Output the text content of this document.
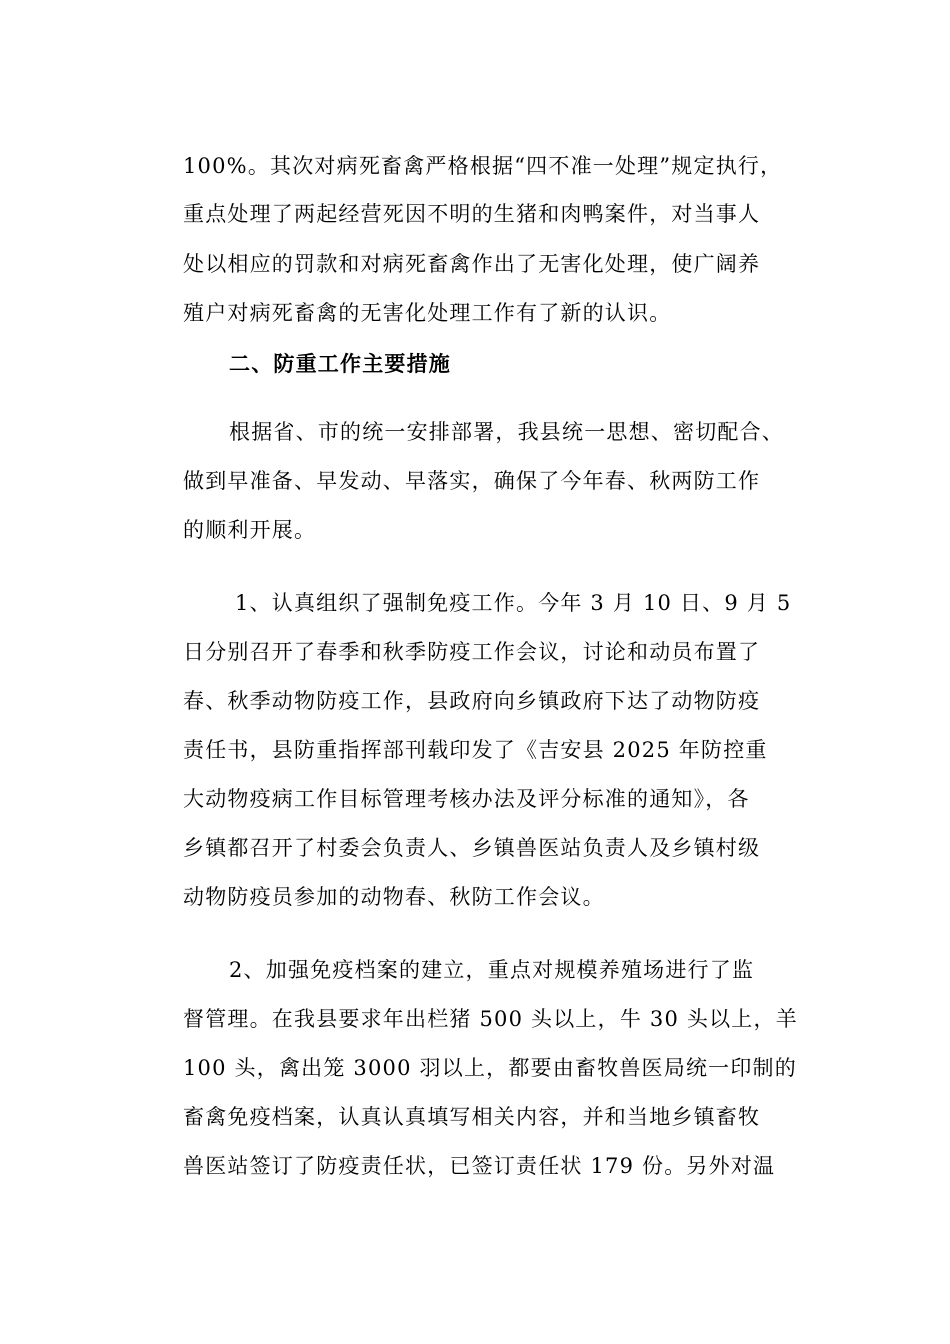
100%。其次对病死畜禽严格根据“四不准一处理”规定执行，
重点处理了两起经营死因不明的生猪和肉鸭案件，对当事人
处以相应的罚款和对病死畜禽作出了无害化处理，使广阔养
殖户对病死畜禽的无害化处理工作有了新的认识。
二、防重工作主要措施
根据省、市的统一安排部署，我县统一思想、密切配合、
做到早准备、早发动、早落实，确保了今年春、秋两防工作
的顺利开展。
1、认真组织了强制免疫工作。今年 3 月 10 日、9 月 5
日分别召开了春季和秋季防疫工作会议，讨论和动员布置了
春、秋季动物防疫工作，县政府向乡镇政府下达了动物防疫
责任书，县防重指挥部刊载印发了《吉安县 2025 年防控重
大动物疫病工作目标管理考核办法及评分标准的通知》，各
乡镇都召开了村委会负责人、乡镇兽医站负责人及乡镇村级
动物防疫员参加的动物春、秋防工作会议。
2、加强免疫档案的建立，重点对规模养殖场进行了监
督管理。在我县要求年出栏猪 500 头以上，牛 30 头以上，羊
100 头，禽出笼 3000 羽以上，都要由畜牧兽医局统一印制的
畜禽免疫档案，认真认真填写相关内容，并和当地乡镇畜牧
兽医站签订了防疫责任状，已签订责任状 179 份。另外对温
